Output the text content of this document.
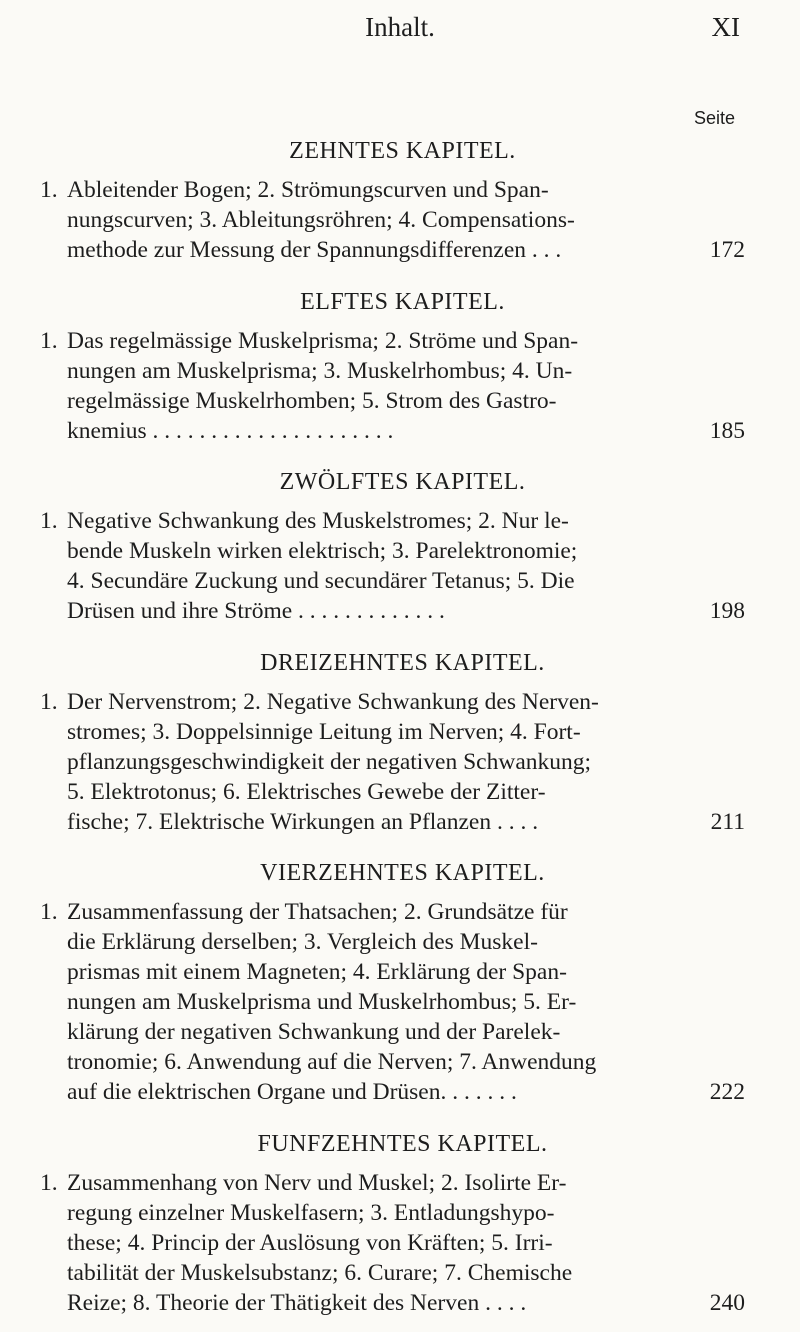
Inhalt.	XI
Seite
ZEHNTES KAPITEL.
1. Ableitender Bogen; 2. Strömungscurven und Span-
nungscurven; 3. Ableitungsröhren; 4. Compensations-
methode zur Messung der Spannungsdifferenzen . . .	172
ELFTES KAPITEL.
1. Das regelmässige Muskelprisma; 2. Ströme und Span-
nungen am Muskelprisma; 3. Muskelrhombus; 4. Un-
regelmässige Muskelrhomben; 5. Strom des Gastro-
knemius . . . . . . . . . . . . . . . . . . . . .	185
ZWÖLFTES KAPITEL.
1. Negative Schwankung des Muskelstromes; 2. Nur le-
bende Muskeln wirken elektrisch; 3. Parelektronomie;
4. Secundäre Zuckung und secundärer Tetanus; 5. Die
Drüsen und ihre Ströme . . . . . . . . . . . . .	198
DREIZEHNTES KAPITEL.
1. Der Nervenstrom; 2. Negative Schwankung des Nerven-
stromes; 3. Doppelsinnige Leitung im Nerven; 4. Fort-
pflanzungsgeschwindigkeit der negativen Schwankung;
5. Elektrotonus; 6. Elektrisches Gewebe der Zitter-
fische; 7. Elektrische Wirkungen an Pflanzen . . . .	211
VIERZEHNTES KAPITEL.
1. Zusammenfassung der Thatsachen; 2. Grundsätze für
die Erklärung derselben; 3. Vergleich des Muskel-
prismas mit einem Magneten; 4. Erklärung der Span-
nungen am Muskelprisma und Muskelrhombus; 5. Er-
klärung der negativen Schwankung und der Parelek-
tronomie; 6. Anwendung auf die Nerven; 7. Anwendung
auf die elektrischen Organe und Drüsen. . . . . . .	222
FUNFZEHNTES KAPITEL.
1. Zusammenhang von Nerv und Muskel; 2. Isolirte Er-
regung einzelner Muskelfasern; 3. Entladungshypo-
these; 4. Princip der Auslösung von Kräften; 5. Irri-
tabilität der Muskelsubstanz; 6. Curare; 7. Chemische
Reize; 8. Theorie der Thätigkeit des Nerven . . . .	240
